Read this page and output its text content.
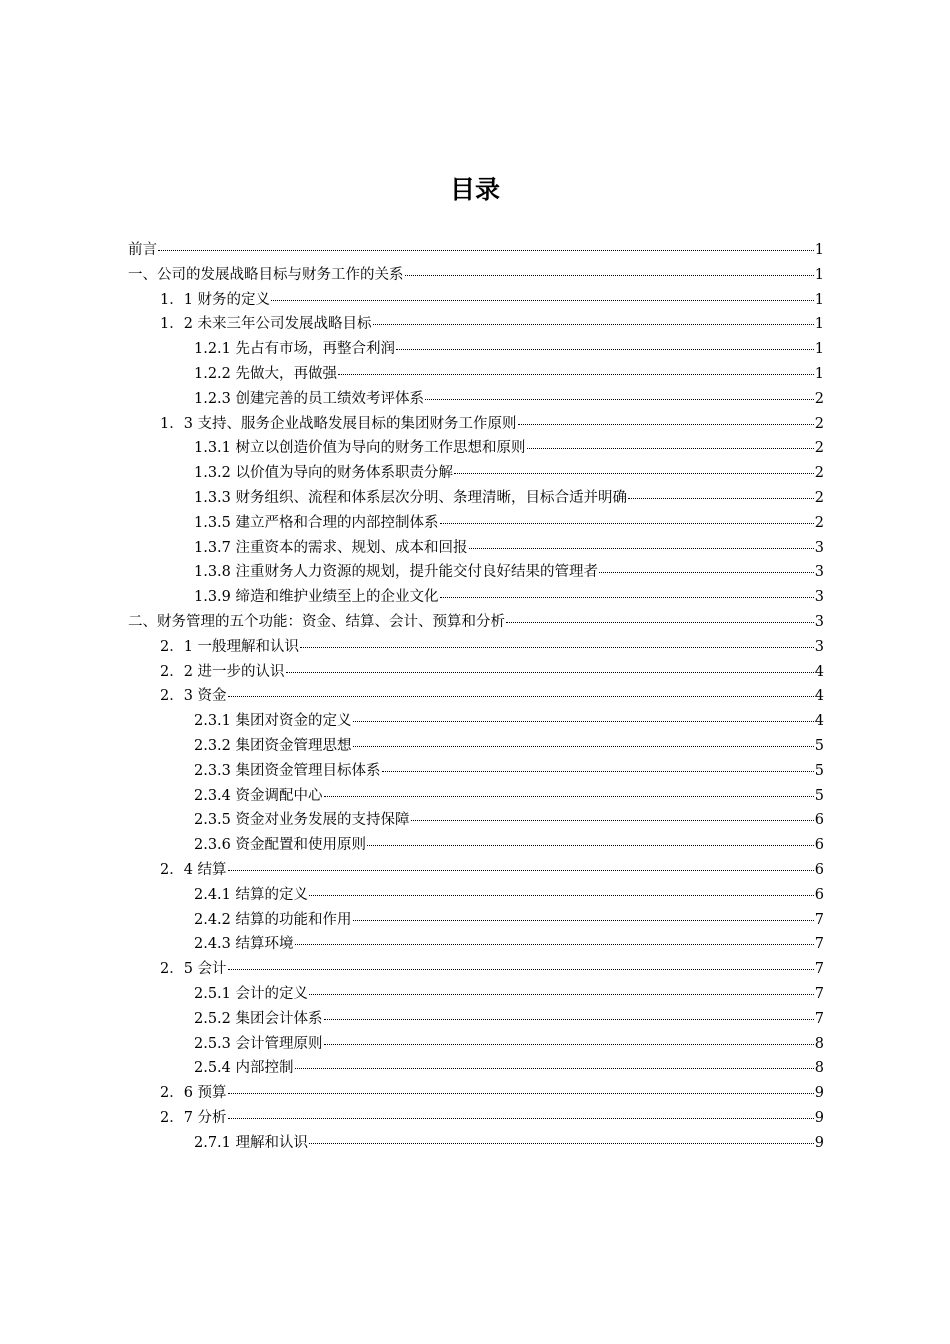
目录
前言	1
一、公司的发展战略目标与财务工作的关系	1
1．1 财务的定义	1
1．2 未来三年公司发展战略目标	1
1.2.1 先占有市场，再整合利润	1
1.2.2 先做大，再做强	1
1.2.3 创建完善的员工绩效考评体系	2
1．3 支持、服务企业战略发展目标的集团财务工作原则	2
1.3.1 树立以创造价值为导向的财务工作思想和原则	2
1.3.2 以价值为导向的财务体系职责分解	2
1.3.3 财务组织、流程和体系层次分明、条理清晰，目标合适并明确	2
1.3.5 建立严格和合理的内部控制体系	2
1.3.7 注重资本的需求、规划、成本和回报	3
1.3.8 注重财务人力资源的规划，提升能交付良好结果的管理者	3
1.3.9 缔造和维护业绩至上的企业文化	3
二、财务管理的五个功能：资金、结算、会计、预算和分析	3
2．1 一般理解和认识	3
2．2 进一步的认识	4
2．3 资金	4
2.3.1 集团对资金的定义	4
2.3.2 集团资金管理思想	5
2.3.3 集团资金管理目标体系	5
2.3.4 资金调配中心	5
2.3.5 资金对业务发展的支持保障	6
2.3.6 资金配置和使用原则	6
2．4 结算	6
2.4.1 结算的定义	6
2.4.2 结算的功能和作用	7
2.4.3 结算环境	7
2．5 会计	7
2.5.1 会计的定义	7
2.5.2 集团会计体系	7
2.5.3 会计管理原则	8
2.5.4 内部控制	8
2．6 预算	9
2．7 分析	9
2.7.1 理解和认识	9
